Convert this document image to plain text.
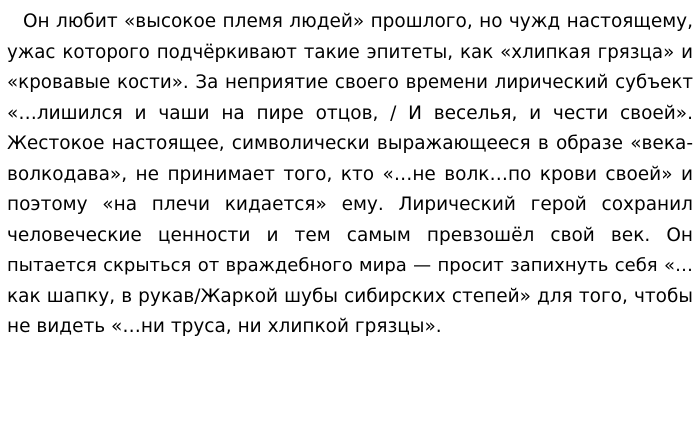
Он любит «высокое племя людей» прошлого, но чужд настоящему,
ужас которого подчёркивают такие эпитеты, как «хлипкая грязца» и
«кровавые кости». За неприятие своего времени лирический субъект
«…лишился и чаши на пире отцов, / И веселья, и чести своей».
Жестокое настоящее, символически выражающееся в образе «века-
волкодава», не принимает того, кто «…не волк…по крови своей» и
поэтому «на плечи кидается» ему. Лирический герой сохранил
человеческие ценности и тем самым превзошёл свой век. Он
пытается скрыться от враждебного мира — просит запихнуть себя «…
как шапку, в рукав/Жаркой шубы сибирских степей» для того, чтобы
не видеть «…ни труса, ни хлипкой грязцы».
